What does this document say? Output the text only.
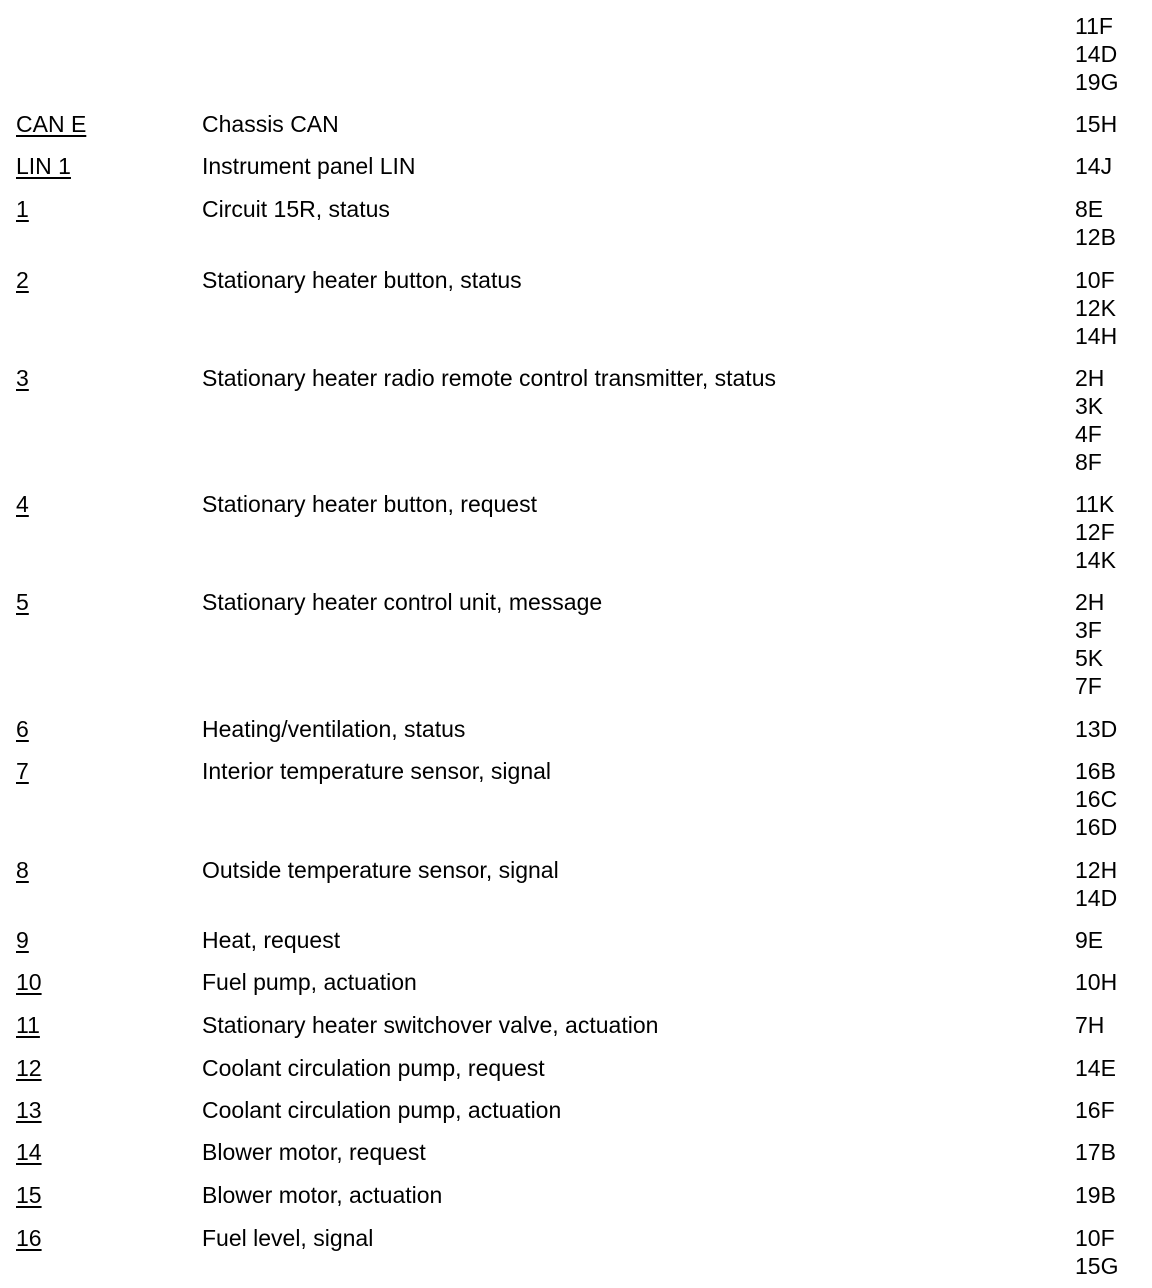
11F
14D
19G
CAN E	Chassis CAN	15H
LIN 1	Instrument panel LIN	14J
1	Circuit 15R, status	8E
12B
2	Stationary heater button, status	10F
12K
14H
3	Stationary heater radio remote control transmitter, status	2H
3K
4F
8F
4	Stationary heater button, request	11K
12F
14K
5	Stationary heater control unit, message	2H
3F
5K
7F
6	Heating/ventilation, status	13D
7	Interior temperature sensor, signal	16B
16C
16D
8	Outside temperature sensor, signal	12H
14D
9	Heat, request	9E
10	Fuel pump, actuation	10H
11	Stationary heater switchover valve, actuation	7H
12	Coolant circulation pump, request	14E
13	Coolant circulation pump, actuation	16F
14	Blower motor, request	17B
15	Blower motor, actuation	19B
16	Fuel level, signal	10F
15G
